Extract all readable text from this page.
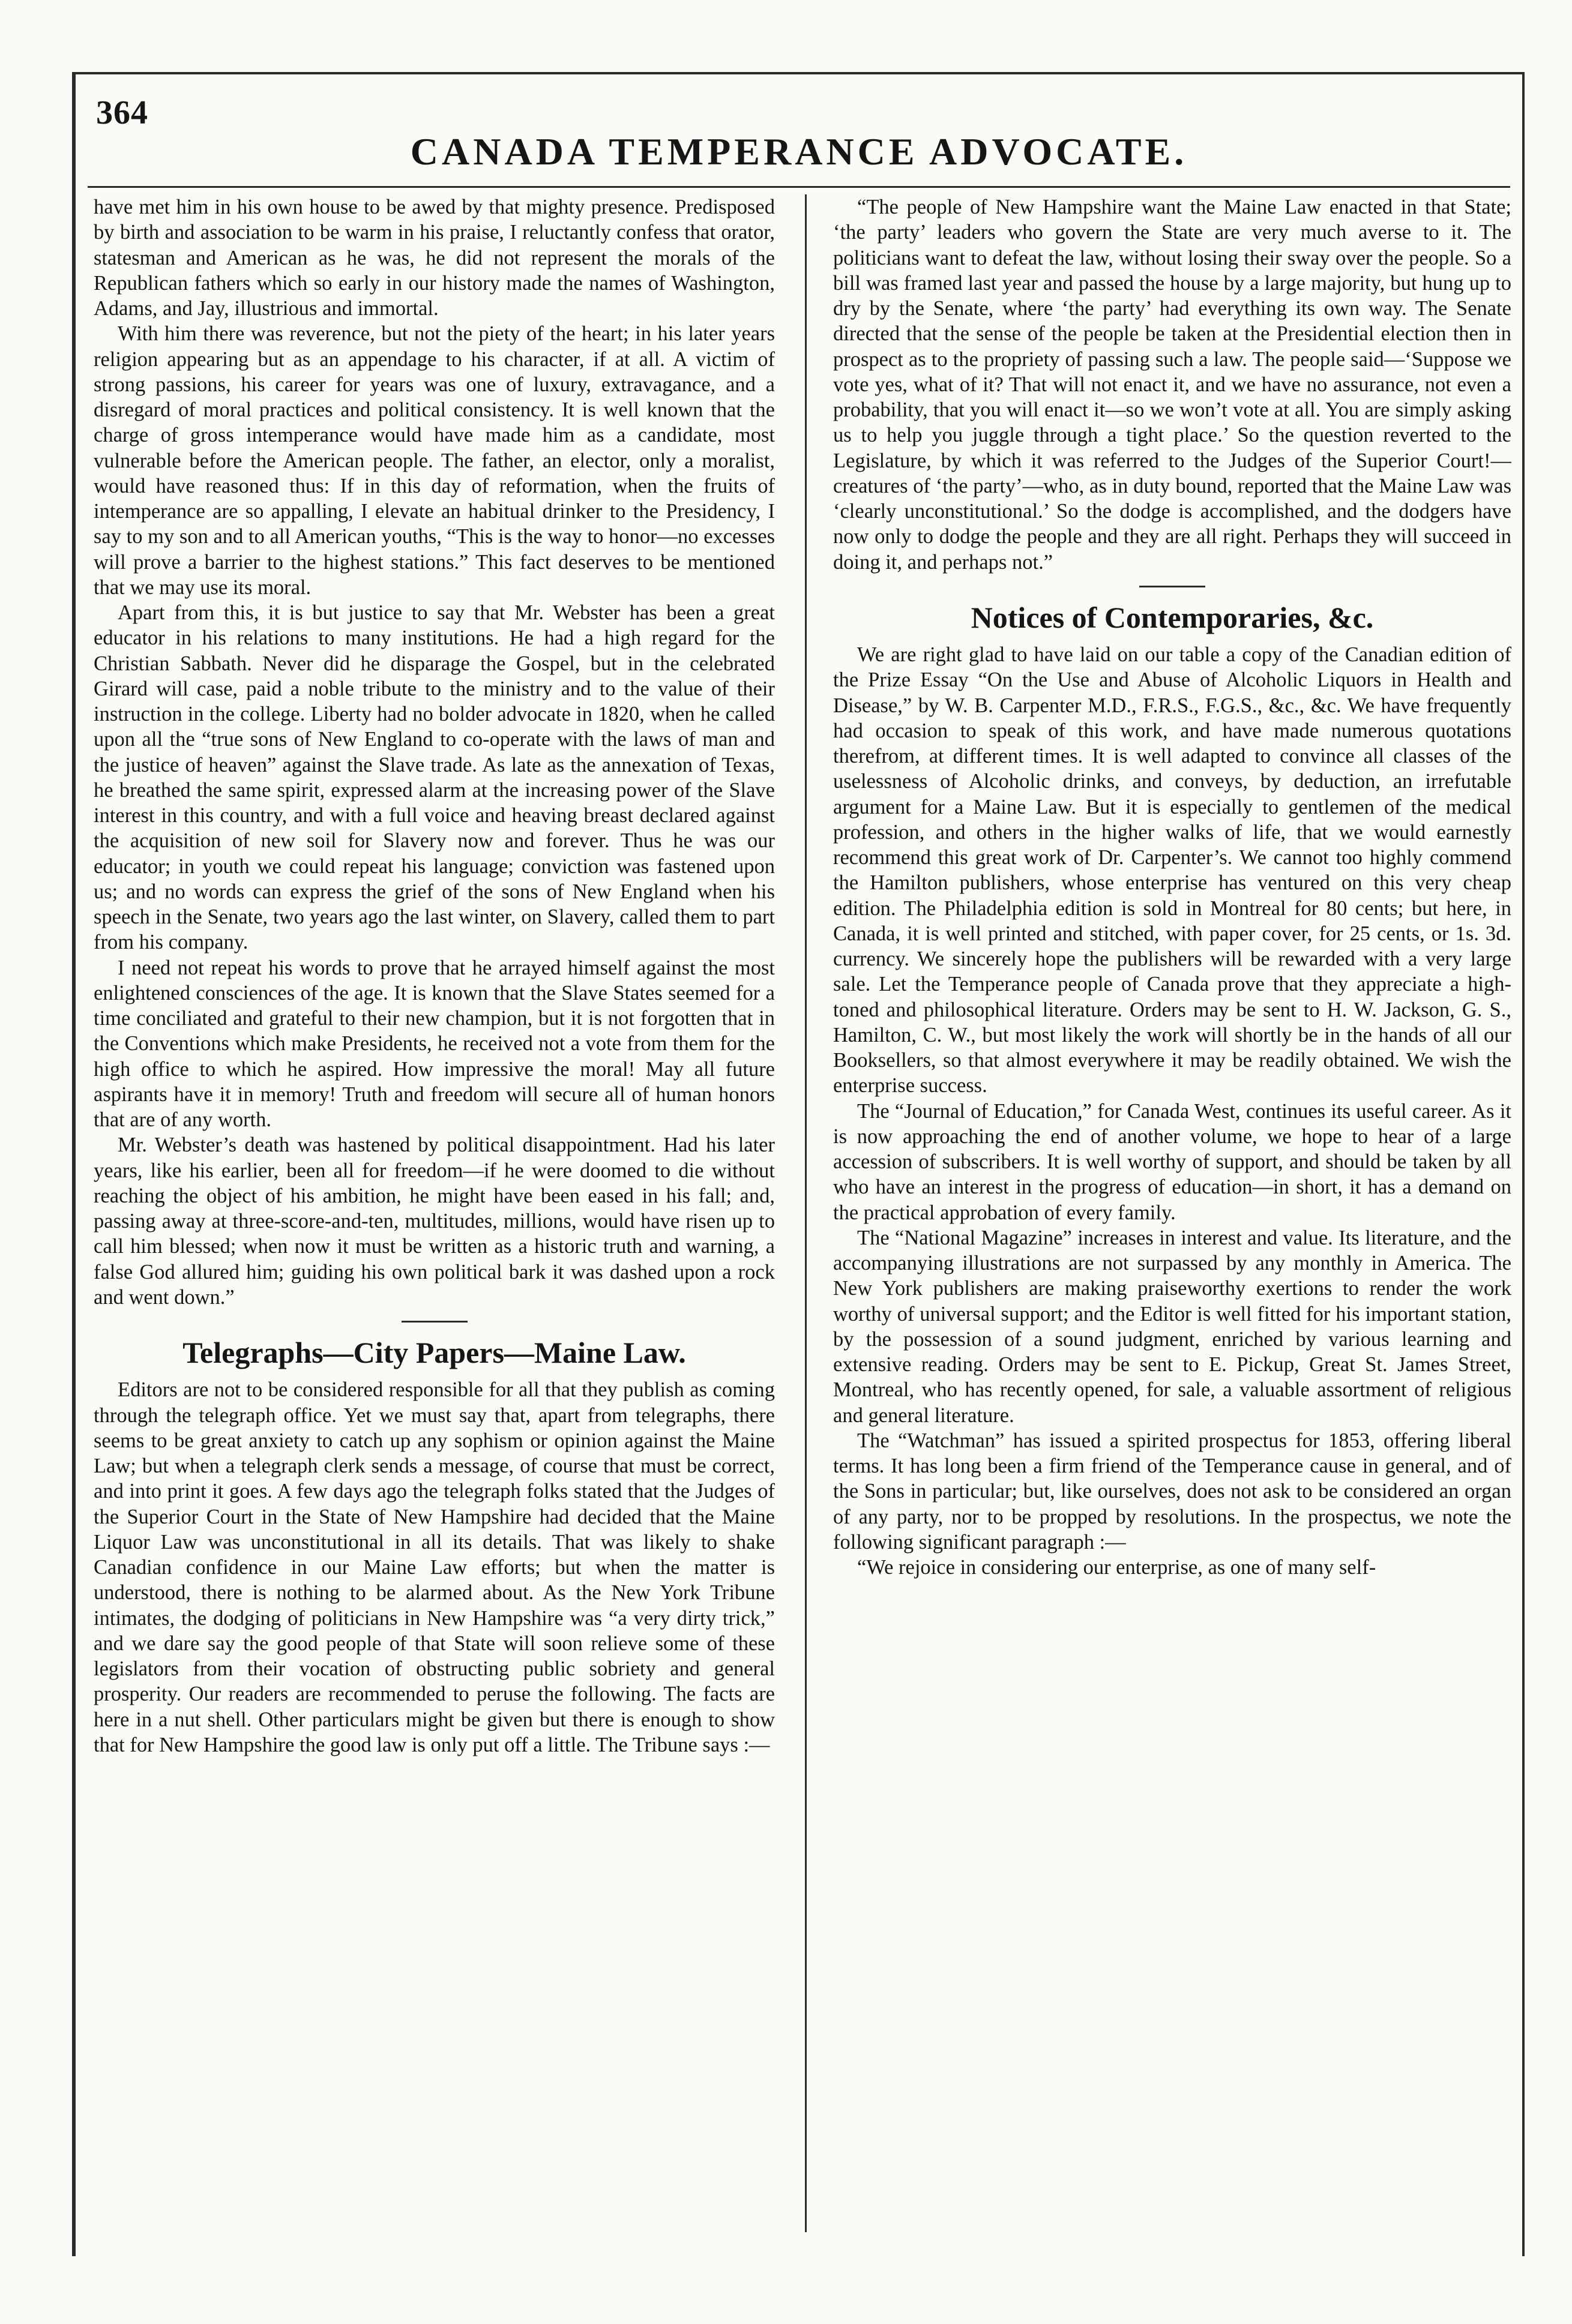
364
CANADA TEMPERANCE ADVOCATE.

have met him in his own house to be awed by that mighty presence. Predisposed by birth and association to be warm in his praise, I reluctantly confess that orator, statesman and American as he was, he did not represent the morals of the Republican fathers which so early in our history made the names of Washington, Adams, and Jay, illustrious and immortal.

With him there was reverence, but not the piety of the heart; in his later years religion appearing but as an appendage to his character, if at all. A victim of strong passions, his career for years was one of luxury, extravagance, and a disregard of moral practices and political consistency. It is well known that the charge of gross intemperance would have made him as a candidate, most vulnerable before the American people. The father, an elector, only a moralist, would have reasoned thus: If in this day of reformation, when the fruits of intemperance are so appalling, I elevate an habitual drinker to the Presidency, I say to my son and to all American youths, “This is the way to honor—no excesses will prove a barrier to the highest stations.” This fact deserves to be mentioned that we may use its moral.

Apart from this, it is but justice to say that Mr. Webster has been a great educator in his relations to many institutions. He had a high regard for the Christian Sabbath. Never did he disparage the Gospel, but in the celebrated Girard will case, paid a noble tribute to the ministry and to the value of their instruction in the college. Liberty had no bolder advocate in 1820, when he called upon all the “true sons of New England to co-operate with the laws of man and the justice of heaven” against the Slave trade. As late as the annexation of Texas, he breathed the same spirit, expressed alarm at the increasing power of the Slave interest in this country, and with a full voice and heaving breast declared against the acquisition of new soil for Slavery now and forever. Thus he was our educator; in youth we could repeat his language; conviction was fastened upon us; and no words can express the grief of the sons of New England when his speech in the Senate, two years ago the last winter, on Slavery, called them to part from his company.

I need not repeat his words to prove that he arrayed himself against the most enlightened consciences of the age. It is known that the Slave States seemed for a time conciliated and grateful to their new champion, but it is not forgotten that in the Conventions which make Presidents, he received not a vote from them for the high office to which he aspired. How impressive the moral! May all future aspirants have it in memory! Truth and freedom will secure all of human honors that are of any worth.

Mr. Webster’s death was hastened by political disappointment. Had his later years, like his earlier, been all for freedom—if he were doomed to die without reaching the object of his ambition, he might have been eased in his fall; and, passing away at three-score-and-ten, multitudes, millions, would have risen up to call him blessed; when now it must be written as a historic truth and warning, a false God allured him; guiding his own political bark it was dashed upon a rock and went down.”

Telegraphs—City Papers—Maine Law.

Editors are not to be considered responsible for all that they publish as coming through the telegraph office. Yet we must say that, apart from telegraphs, there seems to be great anxiety to catch up any sophism or opinion against the Maine Law; but when a telegraph clerk sends a message, of course that must be correct, and into print it goes. A few days ago the telegraph folks stated that the Judges of the Superior Court in the State of New Hampshire had decided that the Maine Liquor Law was unconstitutional in all its details. That was likely to shake Canadian confidence in our Maine Law efforts; but when the matter is understood, there is nothing to be alarmed about. As the New York Tribune intimates, the dodging of politicians in New Hampshire was “a very dirty trick,” and we dare say the good people of that State will soon relieve some of these legislators from their vocation of obstructing public sobriety and general prosperity. Our readers are recommended to peruse the following. The facts are here in a nut shell. Other particulars might be given but there is enough to show that for New Hampshire the good law is only put off a little. The Tribune says :—

“The people of New Hampshire want the Maine Law enacted in that State; ‘the party’ leaders who govern the State are very much averse to it. The politicians want to defeat the law, without losing their sway over the people. So a bill was framed last year and passed the house by a large majority, but hung up to dry by the Senate, where ‘the party’ had everything its own way. The Senate directed that the sense of the people be taken at the Presidential election then in prospect as to the propriety of passing such a law. The people said—‘Suppose we vote yes, what of it? That will not enact it, and we have no assurance, not even a probability, that you will enact it—so we won’t vote at all. You are simply asking us to help you juggle through a tight place.’ So the question reverted to the Legislature, by which it was referred to the Judges of the Superior Court!—creatures of ‘the party’—who, as in duty bound, reported that the Maine Law was ‘clearly unconstitutional.’ So the dodge is accomplished, and the dodgers have now only to dodge the people and they are all right. Perhaps they will succeed in doing it, and perhaps not.”

Notices of Contemporaries, &c.

We are right glad to have laid on our table a copy of the Canadian edition of the Prize Essay “On the Use and Abuse of Alcoholic Liquors in Health and Disease,” by W. B. Carpenter M.D., F.R.S., F.G.S., &c., &c. We have frequently had occasion to speak of this work, and have made numerous quotations therefrom, at different times. It is well adapted to convince all classes of the uselessness of Alcoholic drinks, and conveys, by deduction, an irrefutable argument for a Maine Law. But it is especially to gentlemen of the medical profession, and others in the higher walks of life, that we would earnestly recommend this great work of Dr. Carpenter’s. We cannot too highly commend the Hamilton publishers, whose enterprise has ventured on this very cheap edition. The Philadelphia edition is sold in Montreal for 80 cents; but here, in Canada, it is well printed and stitched, with paper cover, for 25 cents, or 1s. 3d. currency. We sincerely hope the publishers will be rewarded with a very large sale. Let the Temperance people of Canada prove that they appreciate a high-toned and philosophical literature. Orders may be sent to H. W. Jackson, G. S., Hamilton, C. W., but most likely the work will shortly be in the hands of all our Booksellers, so that almost everywhere it may be readily obtained. We wish the enterprise success.

The “Journal of Education,” for Canada West, continues its useful career. As it is now approaching the end of another volume, we hope to hear of a large accession of subscribers. It is well worthy of support, and should be taken by all who have an interest in the progress of education—in short, it has a demand on the practical approbation of every family.

The “National Magazine” increases in interest and value. Its literature, and the accompanying illustrations are not surpassed by any monthly in America. The New York publishers are making praiseworthy exertions to render the work worthy of universal support; and the Editor is well fitted for his important station, by the possession of a sound judgment, enriched by various learning and extensive reading. Orders may be sent to E. Pickup, Great St. James Street, Montreal, who has recently opened, for sale, a valuable assortment of religious and general literature.

The “Watchman” has issued a spirited prospectus for 1853, offering liberal terms. It has long been a firm friend of the Temperance cause in general, and of the Sons in particular; but, like ourselves, does not ask to be considered an organ of any party, nor to be propped by resolutions. In the prospectus, we note the following significant paragraph :—

“We rejoice in considering our enterprise, as one of many self-
